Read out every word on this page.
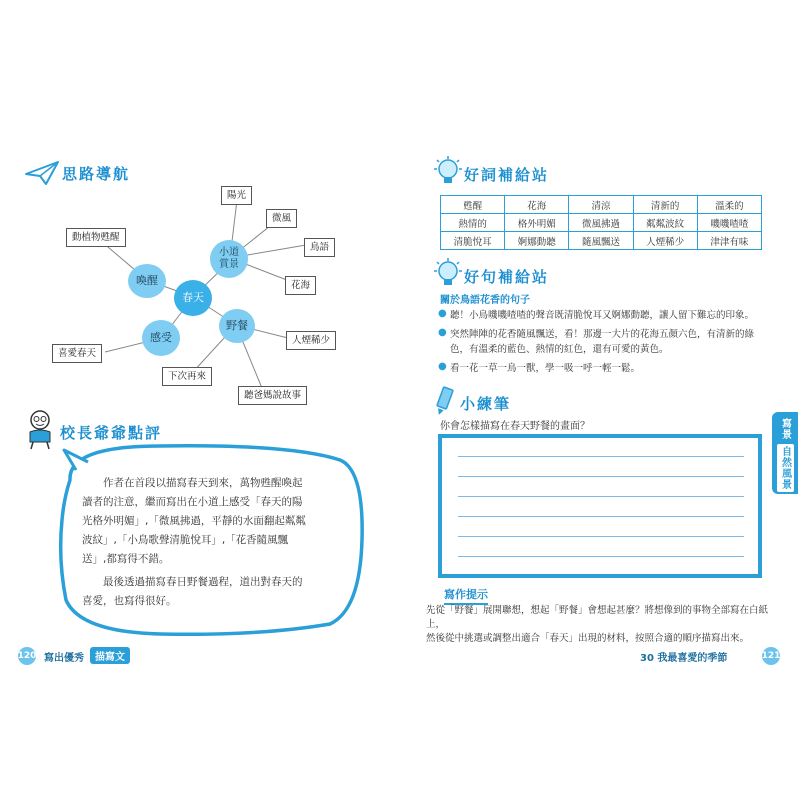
思路導航
春天
小道
賞景
喚醒
野餐
感受
陽光
微風
鳥語
花海
動植物甦醒
人煙稀少
喜愛春天
下次再來
聽爸媽說故事
校長爺爺點評
作者在首段以描寫春天到來，萬物甦醒喚起讀者的注意，繼而寫出在小道上感受「春天的陽光格外明媚」,「微風拂過，平靜的水面翻起粼粼波紋」,「小鳥歌聲清脆悅耳」,「花香隨風飄送」,都寫得不錯。
最後透過描寫春日野餐過程，道出對春天的喜愛，也寫得很好。
120 寫出優秀	描寫文
好詞補給站
甦醒	花海	清涼	清新的	溫柔的
熱情的	格外明媚	微風拂過	粼粼波紋	嘰嘰喳喳
清脆悅耳	婀娜動聽	隨風飄送	人煙稀少	津津有味
好句補給站
關於鳥語花香的句子
● 聽！小鳥嘰嘰喳喳的聲音既清脆悅耳又婀娜動聽，讓人留下難忘的印象。
● 突然陣陣的花香隨風飄送，看！那邊一大片的花海五顏六色，有清新的綠色，有溫柔的藍色、熱情的紅色，還有可愛的黃色。
● 看一花一草一鳥一獸，學一吸一呼一輕一鬆。
小練筆
你會怎樣描寫在春天野餐的畫面？
寫作提示
先從「野餐」展開聯想，想起「野餐」會想起甚麼？將想像到的事物全部寫在白紙上，
然後從中挑選或調整出適合「春天」出現的材料，按照合適的順序描寫出來。
寫景
自然風景
30 我最喜愛的季節	121
